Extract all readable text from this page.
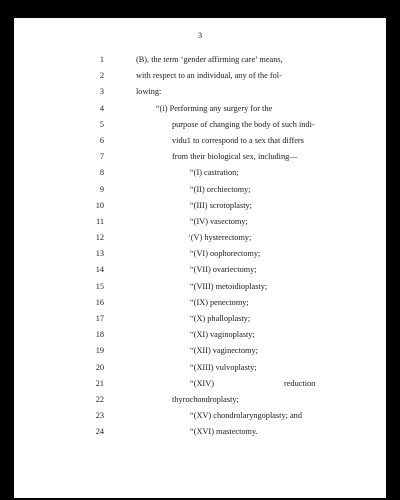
3
1	(B), the term ‘gender affirming care’ means,
2	with respect to an individual, any of the fol-
3	lowing:
4	“(i) Performing any surgery for the
5	purpose of changing the body of such indi-
6	vidu1 to correspond to a sex that differs
7	from their biological sex, including—
8	“(I) castration;
9	“(II) orchiectomy;
10	“(III) scrotoplasty;
11	“(IV) vasectomy;
12	‘(V) hysterectomy;
13	“(VI) oophorectomy;
14	“(VII) ovariectomy;
15	“(VIII) metoidioplasty;
16	“(IX) penectomy;
17	“(X) phalloplasty;
18	“(XI) vaginoplasty;
19	“(XII) vaginectomy;
20	“(XIII) vulvoplasty;
21	“(XIV)	reduction
22	thyrochondroplasty;
23	“(XV) chondrolaryngoplasty; and
24	“(XVI) mastectomy.
